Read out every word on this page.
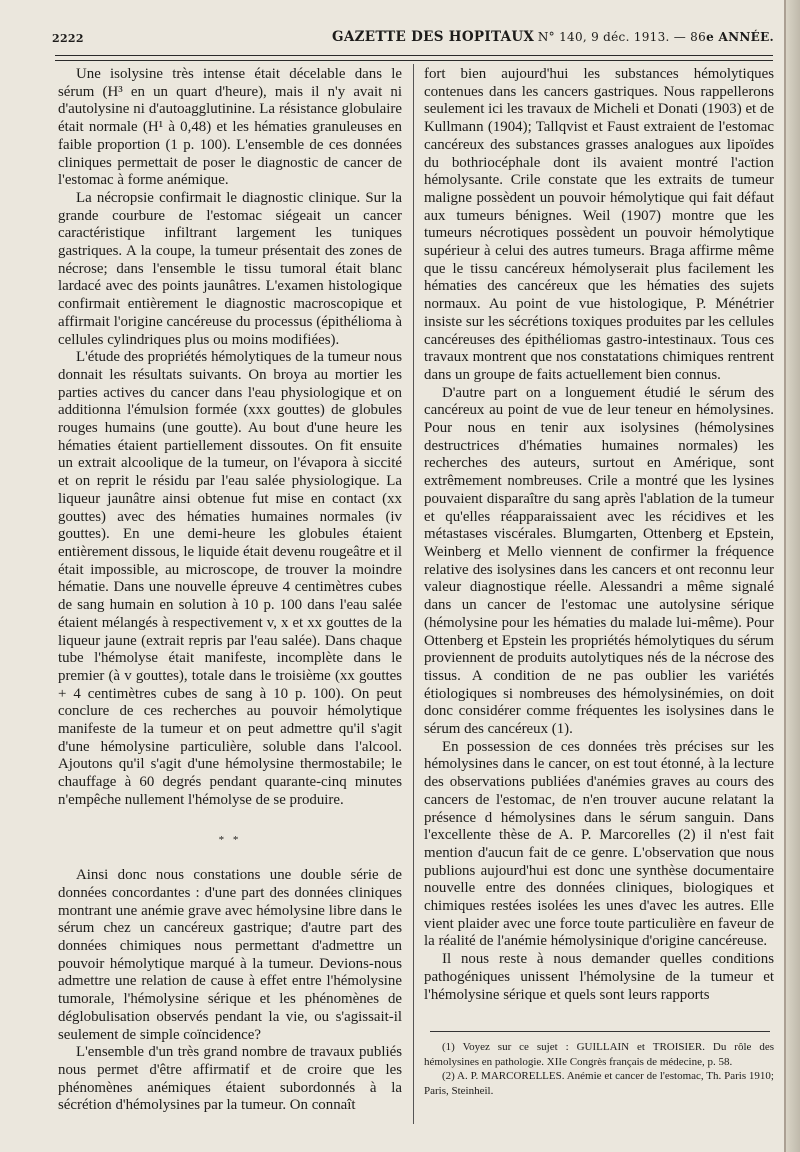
2222	GAZETTE DES HOPITAUX N° 140, 9 déc. 1913. — 86e ANNÉE.

Une isolysine très intense était décelable dans le sérum (H³ en un quart d'heure), mais il n'y avait ni d'autolysine ni d'autoagglutinine. La résistance globulaire était normale (H¹ à 0,48) et les hématies granuleuses en faible proportion (1 p. 100). L'ensemble de ces données cliniques permettait de poser le diagnostic de cancer de l'estomac à forme anémique.

La nécropsie confirmait le diagnostic clinique. Sur la grande courbure de l'estomac siégeait un cancer caractéristique infiltrant largement les tuniques gastriques. A la coupe, la tumeur présentait des zones de nécrose; dans l'ensemble le tissu tumoral était blanc lardacé avec des points jaunâtres. L'examen histologique confirmait entièrement le diagnostic macroscopique et affirmait l'origine cancéreuse du processus (épithélioma à cellules cylindriques plus ou moins modifiées).

L'étude des propriétés hémolytiques de la tumeur nous donnait les résultats suivants. On broya au mortier les parties actives du cancer dans l'eau physiologique et on additionna l'émulsion formée (xxx gouttes) de globules rouges humains (une goutte). Au bout d'une heure les hématies étaient partiellement dissoutes. On fit ensuite un extrait alcoolique de la tumeur, on l'évapora à siccité et on reprit le résidu par l'eau salée physiologique. La liqueur jaunâtre ainsi obtenue fut mise en contact (xx gouttes) avec des hématies humaines normales (iv gouttes). En une demi-heure les globules étaient entièrement dissous, le liquide était devenu rougeâtre et il était impossible, au microscope, de trouver la moindre hématie. Dans une nouvelle épreuve 4 centimètres cubes de sang humain en solution à 10 p. 100 dans l'eau salée étaient mélangés à respectivement v, x et xx gouttes de la liqueur jaune (extrait repris par l'eau salée). Dans chaque tube l'hémolyse était manifeste, incomplète dans le premier (à v gouttes), totale dans le troisième (xx gouttes + 4 centimètres cubes de sang à 10 p. 100). On peut conclure de ces recherches au pouvoir hémolytique manifeste de la tumeur et on peut admettre qu'il s'agit d'une hémolysine particulière, soluble dans l'alcool. Ajoutons qu'il s'agit d'une hémolysine thermostabile; le chauffage à 60 degrés pendant quarante-cinq minutes n'empêche nullement l'hémolyse de se produire.

* *

Ainsi donc nous constations une double série de données concordantes : d'une part des données cliniques montrant une anémie grave avec hémolysine libre dans le sérum chez un cancéreux gastrique; d'autre part des données chimiques nous permettant d'admettre un pouvoir hémolytique marqué à la tumeur. Devions-nous admettre une relation de cause à effet entre l'hémolysine tumorale, l'hémolysine sérique et les phénomènes de déglobulisation observés pendant la vie, ou s'agissait-il seulement de simple coïncidence?

L'ensemble d'un très grand nombre de travaux publiés nous permet d'être affirmatif et de croire que les phénomènes anémiques étaient subordonnés à la sécrétion d'hémolysines par la tumeur. On connaît

fort bien aujourd'hui les substances hémolytiques contenues dans les cancers gastriques. Nous rappellerons seulement ici les travaux de Micheli et Donati (1903) et de Kullmann (1904); Tallqvist et Faust extraient de l'estomac cancéreux des substances grasses analogues aux lipoïdes du bothriocéphale dont ils avaient montré l'action hémolysante. Crile constate que les extraits de tumeur maligne possèdent un pouvoir hémolytique qui fait défaut aux tumeurs bénignes. Weil (1907) montre que les tumeurs nécrotiques possèdent un pouvoir hémolytique supérieur à celui des autres tumeurs. Braga affirme même que le tissu cancéreux hémolyserait plus facilement les hématies des cancéreux que les hématies des sujets normaux. Au point de vue histologique, P. Ménétrier insiste sur les sécrétions toxiques produites par les cellules cancéreuses des épithéliomas gastro-intestinaux. Tous ces travaux montrent que nos constatations chimiques rentrent dans un groupe de faits actuellement bien connus.

D'autre part on a longuement étudié le sérum des cancéreux au point de vue de leur teneur en hémolysines. Pour nous en tenir aux isolysines (hémolysines destructrices d'hématies humaines normales) les recherches des auteurs, surtout en Amérique, sont extrêmement nombreuses. Crile a montré que les lysines pouvaient disparaître du sang après l'ablation de la tumeur et qu'elles réapparaissaient avec les récidives et les métastases viscérales. Blumgarten, Ottenberg et Epstein, Weinberg et Mello viennent de confirmer la fréquence relative des isolysines dans les cancers et ont reconnu leur valeur diagnostique réelle. Alessandri a même signalé dans un cancer de l'estomac une autolysine sérique (hémolysine pour les hématies du malade lui-même). Pour Ottenberg et Epstein les propriétés hémolytiques du sérum proviennent de produits autolytiques nés de la nécrose des tissus. A condition de ne pas oublier les variétés étiologiques si nombreuses des hémolysinémies, on doit donc considérer comme fréquentes les isolysines dans le sérum des cancéreux (1).

En possession de ces données très précises sur les hémolysines dans le cancer, on est tout étonné, à la lecture des observations publiées d'anémies graves au cours des cancers de l'estomac, de n'en trouver aucune relatant la présence d hémolysines dans le sérum sanguin. Dans l'excellente thèse de A. P. Marcorelles (2) il n'est fait mention d'aucun fait de ce genre. L'observation que nous publions aujourd'hui est donc une synthèse documentaire nouvelle entre des données cliniques, biologiques et chimiques restées isolées les unes d'avec les autres. Elle vient plaider avec une force toute particulière en faveur de la réalité de l'anémie hémolysinique d'origine cancéreuse.

Il nous reste à nous demander quelles conditions pathogéniques unissent l'hémolysine de la tumeur et l'hémolysine sérique et quels sont leurs rapports

(1) Voyez sur ce sujet : GUILLAIN et TROISIER. Du rôle des hémolysines en pathologie. XIIe Congrès français de médecine, p. 58.

(2) A. P. MARCORELLES. Anémie et cancer de l'estomac, Th. Paris 1910; Paris, Steinheil.
